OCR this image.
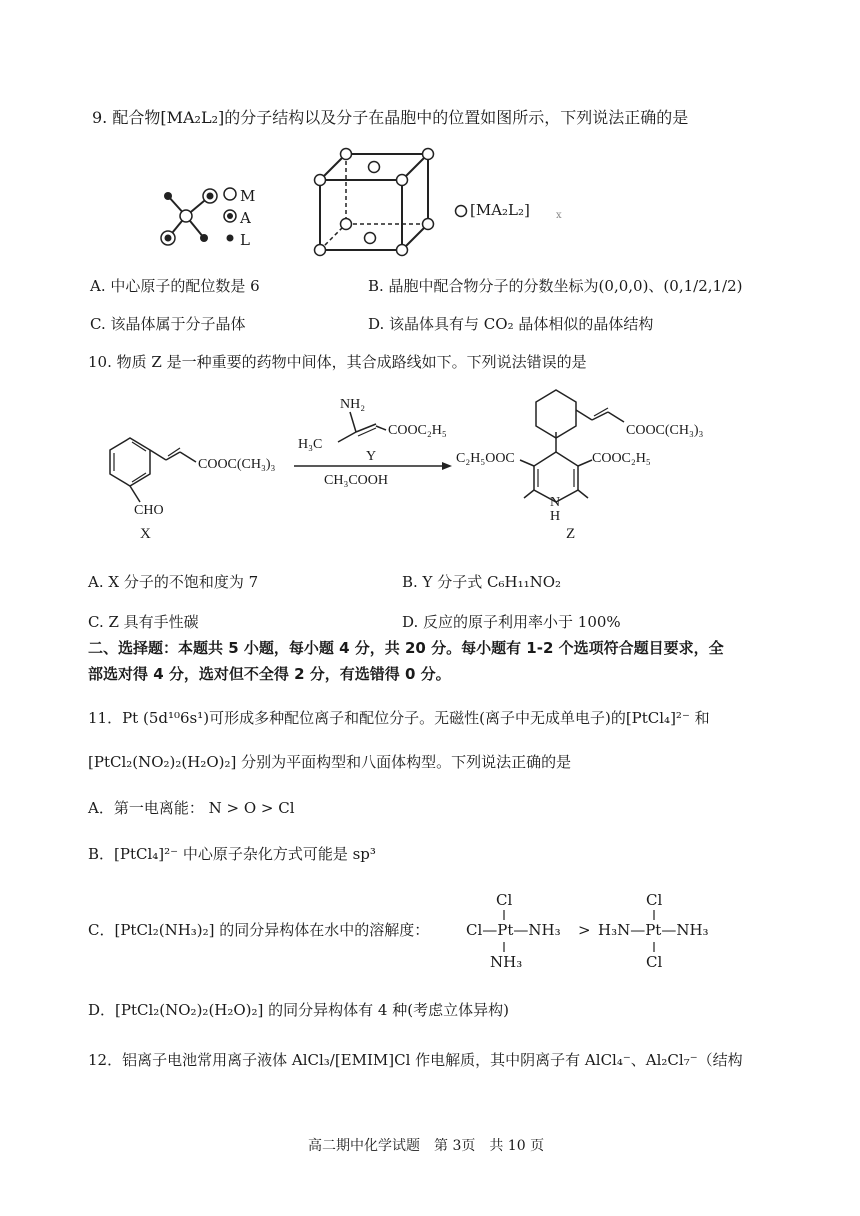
9. 配合物[MA₂L₂]的分子结构以及分子在晶胞中的位置如图所示，下列说法正确的是
M
A
L
[MA₂L₂]	x
A. 中心原子的配位数是 6	B. 晶胞中配合物分子的分数坐标为(0,0,0)、(0,1/2,1/2)
C. 该晶体属于分子晶体	D. 该晶体具有与 CO₂ 晶体相似的晶体结构
10. 物质 Z 是一种重要的药物中间体，其合成路线如下。下列说法错误的是
COOC(CH₃)₃
CHO
X
NH₂
COOC₂H₅
H₃C
Y
CH₃COOH
COOC(CH₃)₃
C₂H₅OOC	COOC₂H₅
N
H
Z
A. X 分子的不饱和度为 7	B. Y 分子式 C₆H₁₁NO₂
C. Z 具有手性碳	D. 反应的原子利用率小于 100%
二、选择题：本题共 5 小题，每小题 4 分，共 20 分。每小题有 1-2 个选项符合题目要求，全
部选对得 4 分，选对但不全得 2 分，有选错得 0 分。
11．Pt (5d¹⁰6s¹)可形成多种配位离子和配位分子。无磁性(离子中无成单电子)的[PtCl₄]²⁻ 和
[PtCl₂(NO₂)₂(H₂O)₂] 分别为平面构型和八面体构型。下列说法正确的是
A．第一电离能： N > O > Cl
B．[PtCl₄]²⁻ 中心原子杂化方式可能是 sp³
C．[PtCl₂(NH₃)₂] 的同分异构体在水中的溶解度：
Cl
Cl—Pt—NH₃
NH₃
>
Cl
H₃N—Pt—NH₃
Cl
D．[PtCl₂(NO₂)₂(H₂O)₂] 的同分异构体有 4 种(考虑立体异构)
12．铝离子电池常用离子液体 AlCl₃/[EMIM]Cl 作电解质，其中阴离子有 AlCl₄⁻、Al₂Cl₇⁻（结构
高二期中化学试题　第 3页　共 10 页
